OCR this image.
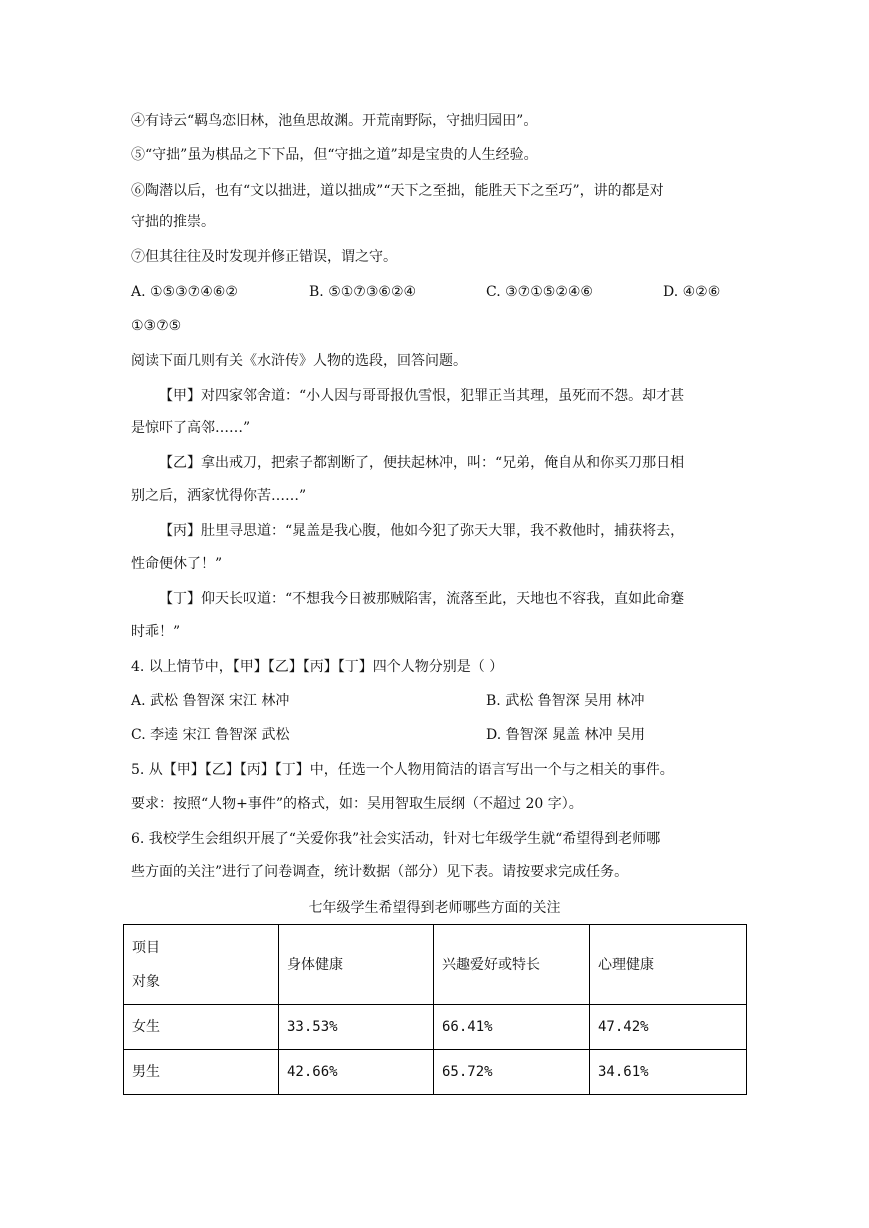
④有诗云“羁鸟恋旧林，池鱼思故渊。开荒南野际，守拙归园田”。
⑤“守拙”虽为棋品之下下品，但“守拙之道”却是宝贵的人生经验。
⑥陶潜以后，也有“文以拙进，道以拙成”“天下之至拙，能胜天下之至巧”，讲的都是对
守拙的推崇。
⑦但其往往及时发现并修正错误，谓之守。
A. ①⑤③⑦④⑥②	B. ⑤①⑦③⑥②④	C. ③⑦①⑤②④⑥	D. ④②⑥
①③⑦⑤
阅读下面几则有关《水浒传》人物的选段，回答问题。
【甲】对四家邻舍道：“小人因与哥哥报仇雪恨，犯罪正当其理，虽死而不怨。却才甚
是惊吓了高邻……”
【乙】拿出戒刀，把索子都割断了，便扶起林冲，叫：“兄弟，俺自从和你买刀那日相
别之后，洒家忧得你苦……”
【丙】肚里寻思道：“晁盖是我心腹，他如今犯了弥天大罪，我不救他时，捕获将去，
性命便休了！”
【丁】仰天长叹道：“不想我今日被那贼陷害，流落至此，天地也不容我，直如此命蹇
时乖！”
4. 以上情节中，【甲】【乙】【丙】【丁】四个人物分别是（ ）
A. 武松 鲁智深 宋江 林冲	B. 武松 鲁智深 吴用 林冲
C. 李逵 宋江 鲁智深 武松	D. 鲁智深 晁盖 林冲 吴用
5. 从【甲】【乙】【丙】【丁】中，任选一个人物用简洁的语言写出一个与之相关的事件。
要求：按照“人物+事件”的格式，如：吴用智取生辰纲（不超过 20 字）。
6. 我校学生会组织开展了“关爱你我”社会实活动，针对七年级学生就“希望得到老师哪
些方面的关注”进行了问卷调查，统计数据（部分）见下表。请按要求完成任务。
七年级学生希望得到老师哪些方面的关注
项目
对象	身体健康	兴趣爱好或特长	心理健康
女生	33.53%	66.41%	47.42%
男生	42.66%	65.72%	34.61%
